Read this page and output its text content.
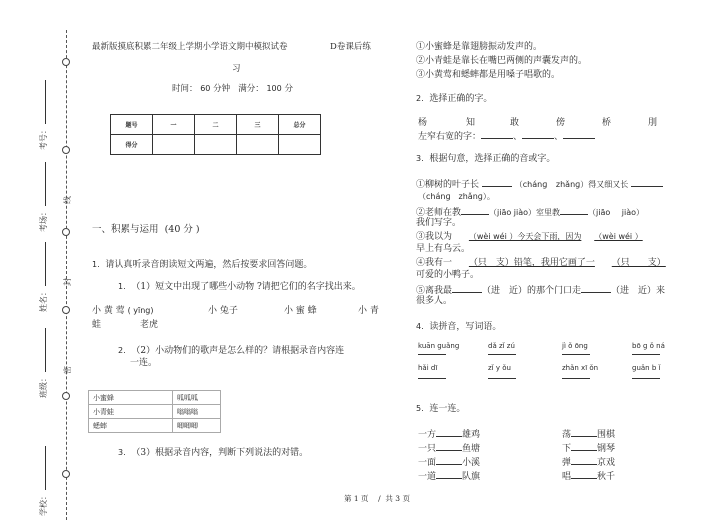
考号：
考场：
姓名：
班级：
学校：
线
封
密
最新版摸底积累二年级上学期小学语文期中模拟试卷	D卷课后练
习
时间： 60 分钟 满分： 100 分
题号	一	二	三	总分
得分				
一、积累与运用 (40 分 )
1. 请认真听录音朗读短文两遍，然后按要求回答问题。
1. （1）短文中出现了哪些小动物 ?请把它们的名字找出来。
小 黄 莺 ( yīng)	小 兔子	小 蜜 蜂	小 青
蛙	老虎
2. （2）小动物们的歌声是怎么样的？请根据录音内容连
一连。
小蜜蜂	呱呱呱
小青蛙	嗡嗡嗡
蟋蟀	唧唧唧
3. （3）根据录音内容，判断下列说法的对错。
①小蜜蜂是靠翅膀振动发声的。
②小青蛙是靠长在嘴巴两侧的声囊发声的。
③小黄莺和蟋蟀都是用嗓子唱歌的。
2. 选择正确的字。
杨	知	敢	傍	桥	刖
左窄右宽的字：	、	、
3. 根据句意，选择正确的音或字。
①柳树的叶子长	（chánɡ zhǎnɡ）得又细又长
（chánɡ　zhǎnɡ）。
②老师在教	（jiāo jiào）室里教	（jiāo jiào）
我们写字。
③我以为 （wèi wéi ）今天会下雨，因为 （wèi wéi ）
早上有乌云。
④我有一 （只　支）铅笔，我用它画了一 （只　　支）
可爱的小鸭子。
⑤离我最	（进　近）的那个门口走	（进　近）来
很多人。
4. 读拼音，写词语。
kuān ɡuǎnɡ	dǎ zǐ zú	jì ǒ ōnɡ	bō ɡ ǒ ná
hǎi dī	zǐ y ǒu	zhǎn xī ǒn	ɡuǎn b ǐ
5. 连一连。
一方	雄鸡
一只	鱼塘
一面	小溪
一道	队旗
荡	围棋
下	钢琴
弹	京戏
唱	秋千
第 1 页 / 共 3 页
